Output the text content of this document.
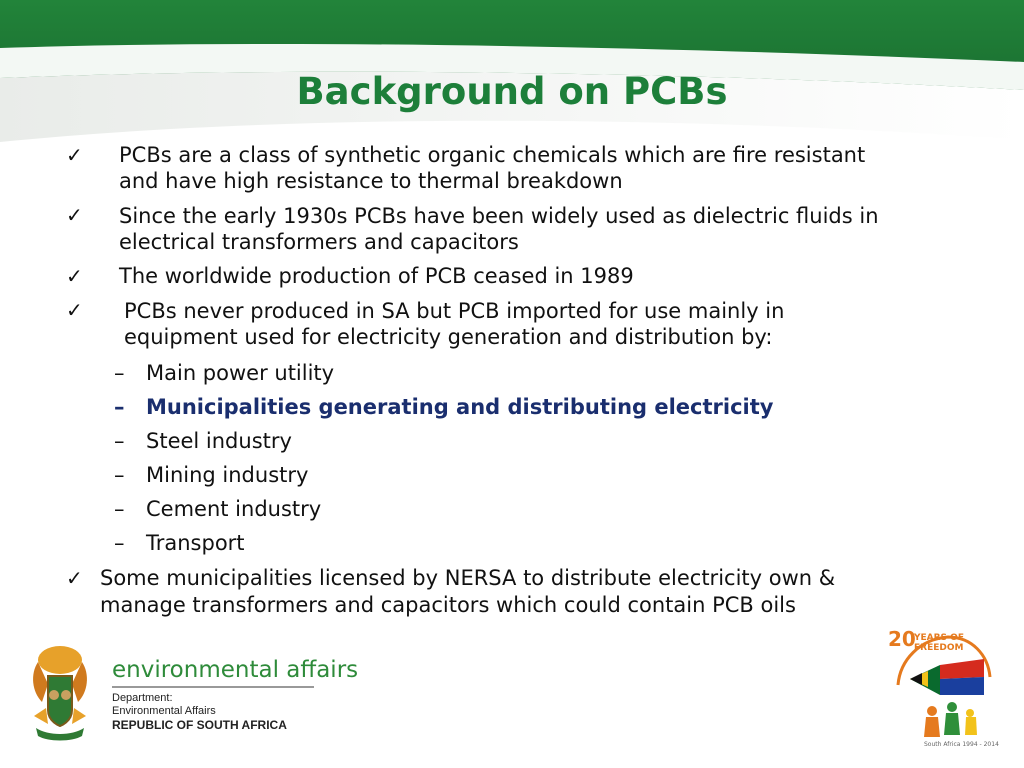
Background on PCBs
✓ PCBs are a class of synthetic organic chemicals which are fire resistant
and have high resistance to thermal breakdown
✓ Since the early 1930s PCBs have been widely used as dielectric fluids in
electrical transformers and capacitors
✓ The worldwide production of PCB ceased in 1989
✓ PCBs never produced in SA but PCB imported for use mainly in
equipment used for electricity generation and distribution by:
– Main power utility
– Municipalities generating and distributing electricity
– Steel industry
– Mining industry
– Cement industry
– Transport
✓ Some municipalities licensed by NERSA to distribute electricity own &
manage transformers and capacitors which could contain PCB oils
environmental affairs
Department:
Environmental Affairs
REPUBLIC OF SOUTH AFRICA
20
YEARS OF FREEDOM
South Africa 1994 - 2014
